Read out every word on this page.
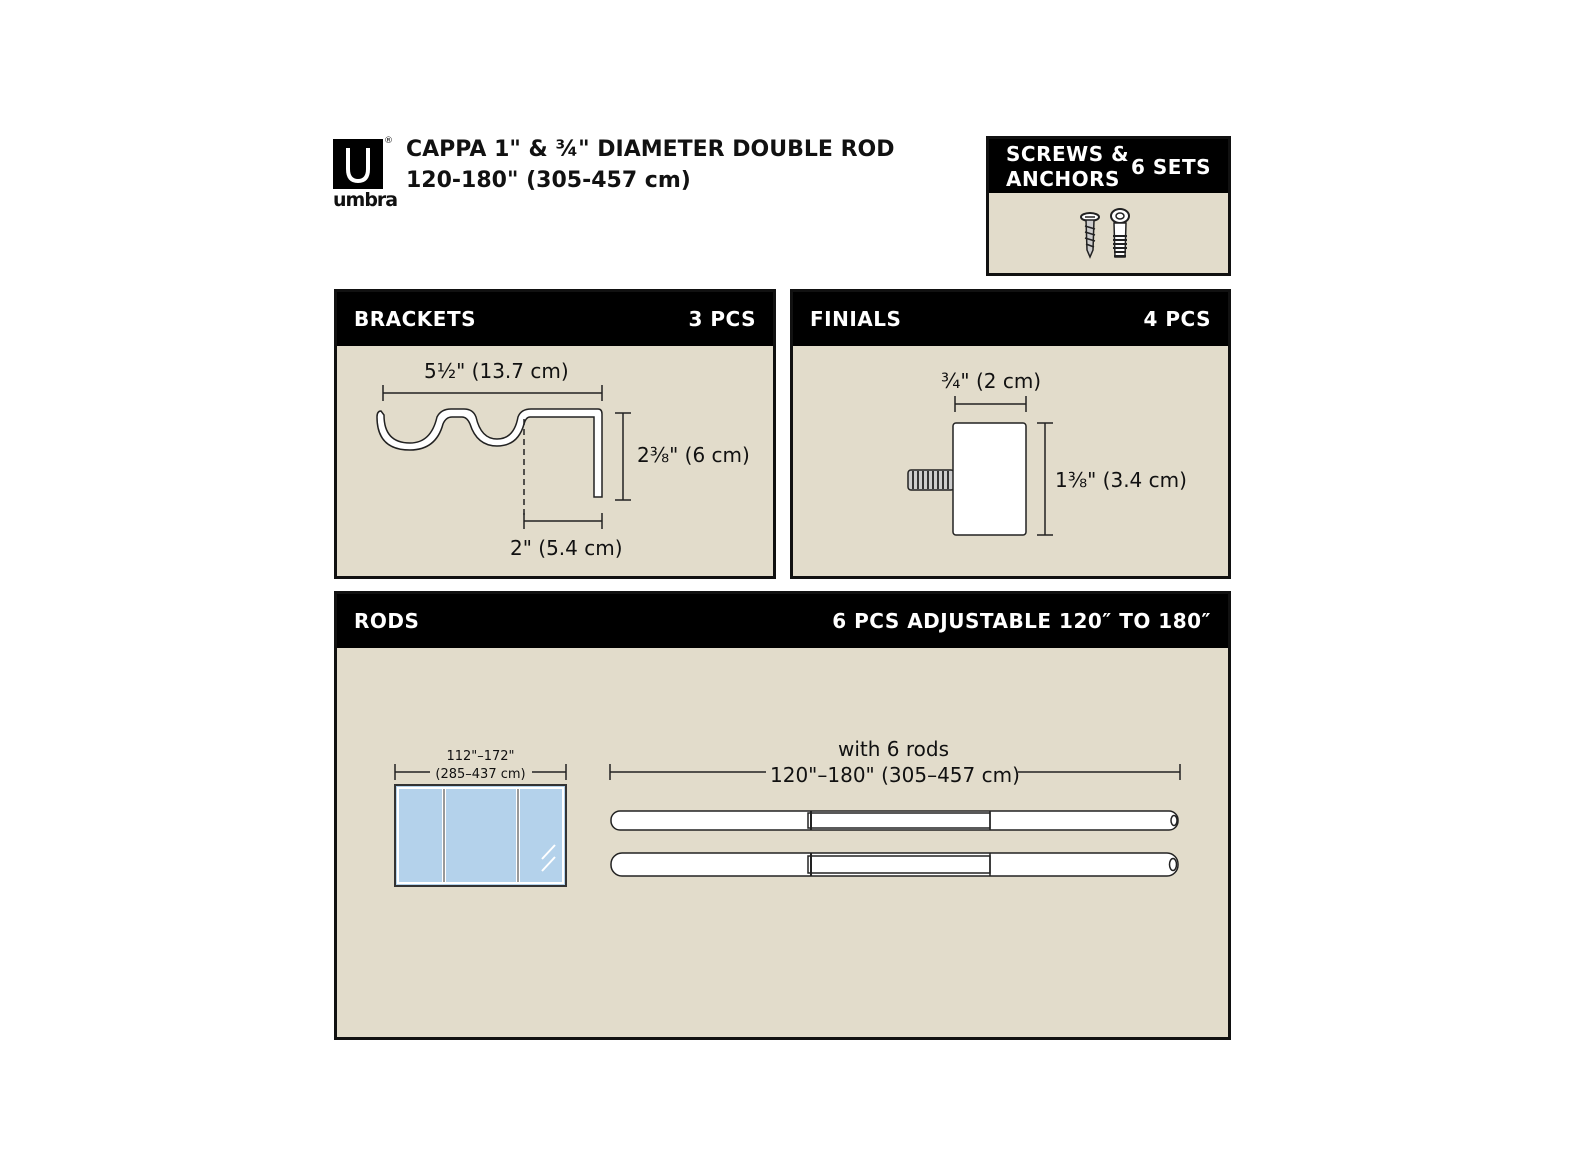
®
umbra
CAPPA 1" & ¾" DIAMETER DOUBLE ROD
120-180" (305-457 cm)
SCREWS &
ANCHORS 6 SETS
BRACKETS	3 PCS
5½" (13.7 cm)
2⅜" (6 cm)
2" (5.4 cm)
FINIALS	4 PCS
¾" (2 cm)
1⅜" (3.4 cm)
RODS	6 PCS ADJUSTABLE 120″ TO 180″
112"–172"
(285–437 cm)
with 6 rods
120"–180" (305–457 cm)
